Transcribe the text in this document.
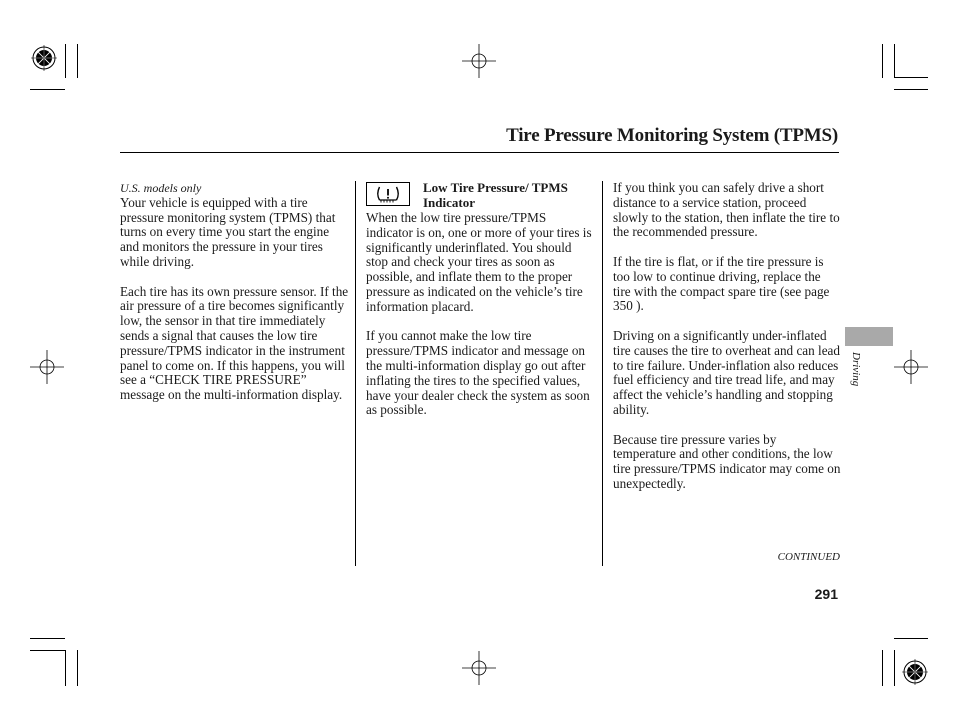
Tire Pressure Monitoring System (TPMS)

U.S. models only

Your vehicle is equipped with a tire pressure monitoring system (TPMS) that turns on every time you start the engine and monitors the pressure in your tires while driving.

Each tire has its own pressure sensor. If the air pressure of a tire becomes significantly low, the sensor in that tire immediately sends a signal that causes the low tire pressure/TPMS indicator in the instrument panel to come on. If this happens, you will see a “CHECK TIRE PRESSURE” message on the multi-information display.

Low Tire Pressure/ TPMS Indicator

When the low tire pressure/TPMS indicator is on, one or more of your tires is significantly underinflated. You should stop and check your tires as soon as possible, and inflate them to the proper pressure as indicated on the vehicle’s tire information placard.

If you cannot make the low tire pressure/TPMS indicator and message on the multi-information display go out after inflating the tires to the specified values, have your dealer check the system as soon as possible.

If you think you can safely drive a short distance to a service station, proceed slowly to the station, then inflate the tire to the recommended pressure.

If the tire is flat, or if the tire pressure is too low to continue driving, replace the tire with the compact spare tire (see page 350 ).

Driving on a significantly under-inflated tire causes the tire to overheat and can lead to tire failure. Under-inflation also reduces fuel efficiency and tire tread life, and may affect the vehicle’s handling and stopping ability.

Because tire pressure varies by temperature and other conditions, the low tire pressure/TPMS indicator may come on unexpectedly.

Driving
CONTINUED
291
